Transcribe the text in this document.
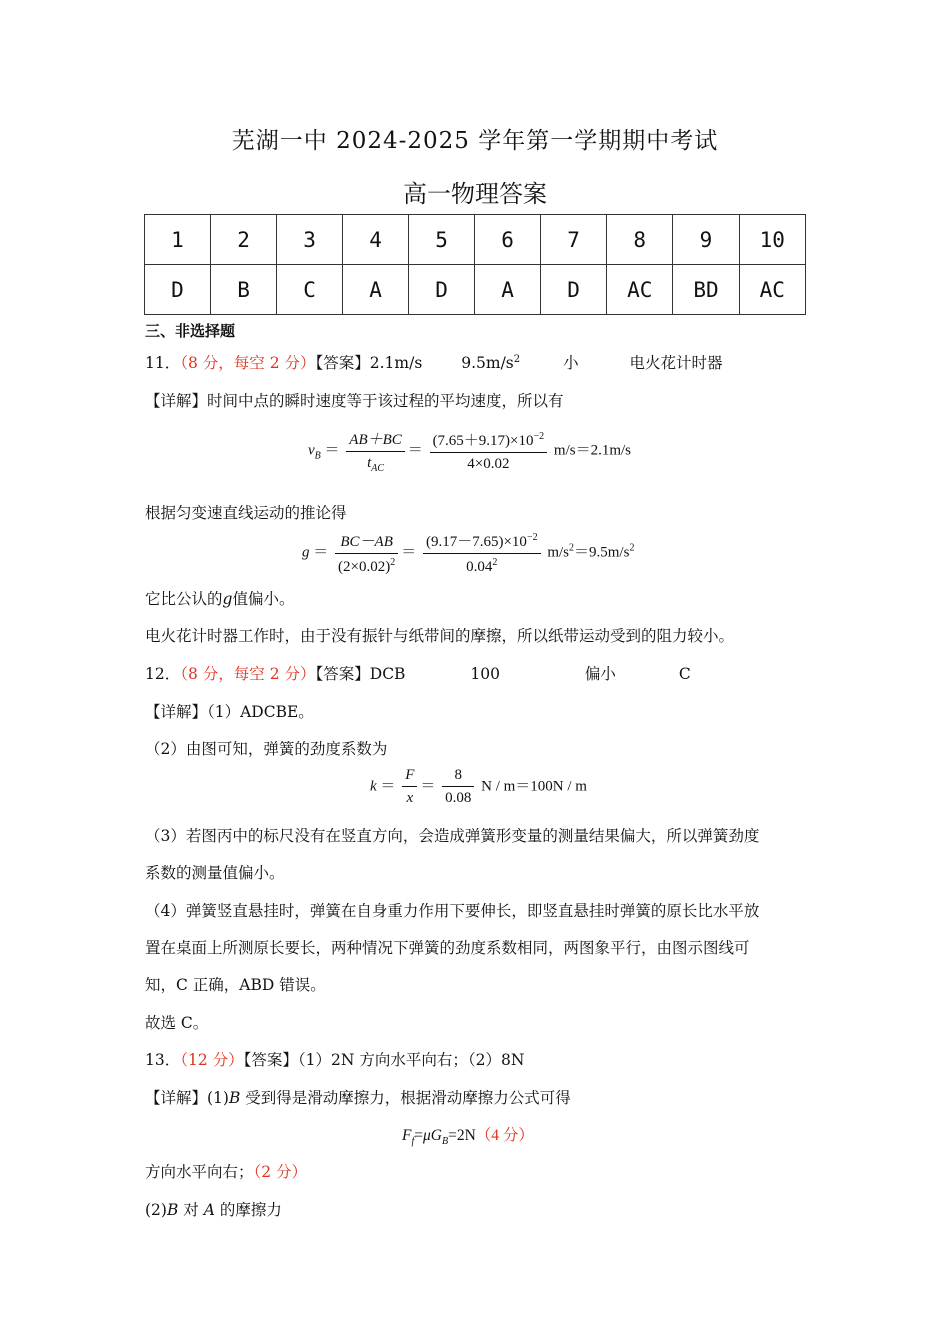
芜湖一中 2024-2025 学年第一学期期中考试
高一物理答案
1	2	3	4	5	6	7	8	9	10
D	B	C	A	D	A	D	AC	BD	AC
三、非选择题
11．（8 分，每空 2 分）【答案】2.1m/s	$9.5m/s^2$	小	电火花计时器
【详解】时间中点的瞬时速度等于该过程的平均速度，所以有
$v_B = \frac{AB+BC}{t_{AC}} = \frac{(7.65+9.17)\times 10^{-2}}{4\times 0.02} m/s=2.1m/s$
根据匀变速直线运动的推论得
$g = \frac{BC-AB}{(2\times 0.02)^2} = \frac{(9.17-7.65)\times 10^{-2}}{0.04^2} m/s^2=9.5m/s^2$
它比公认的g值偏小。
电火花计时器工作时，由于没有振针与纸带间的摩擦，所以纸带运动受到的阻力较小。
12．（8 分，每空 2 分）【答案】DCB	100	偏小	C
【详解】（1）ADCBE。
（2）由图可知，弹簧的劲度系数为
$k = \frac{F}{x} = \frac{8}{0.08}$ N / m＝100N / m
（3）若图丙中的标尺没有在竖直方向，会造成弹簧形变量的测量结果偏大，所以弹簧劲度
系数的测量值偏小。
（4）弹簧竖直悬挂时，弹簧在自身重力作用下要伸长，即竖直悬挂时弹簧的原长比水平放
置在桌面上所测原长要长，两种情况下弹簧的劲度系数相同，两图象平行，由图示图线可
知，C 正确，ABD 错误。
故选 C。
13．（12 分）【答案】（1）2N 方向水平向右；（2）8N
【详解】(1)B 受到得是滑动摩擦力，根据滑动摩擦力公式可得
$F_f=\mu G_B=2N(4$ 分）
方向水平向右；（2 分）
(2)B 对 A 的摩擦力
